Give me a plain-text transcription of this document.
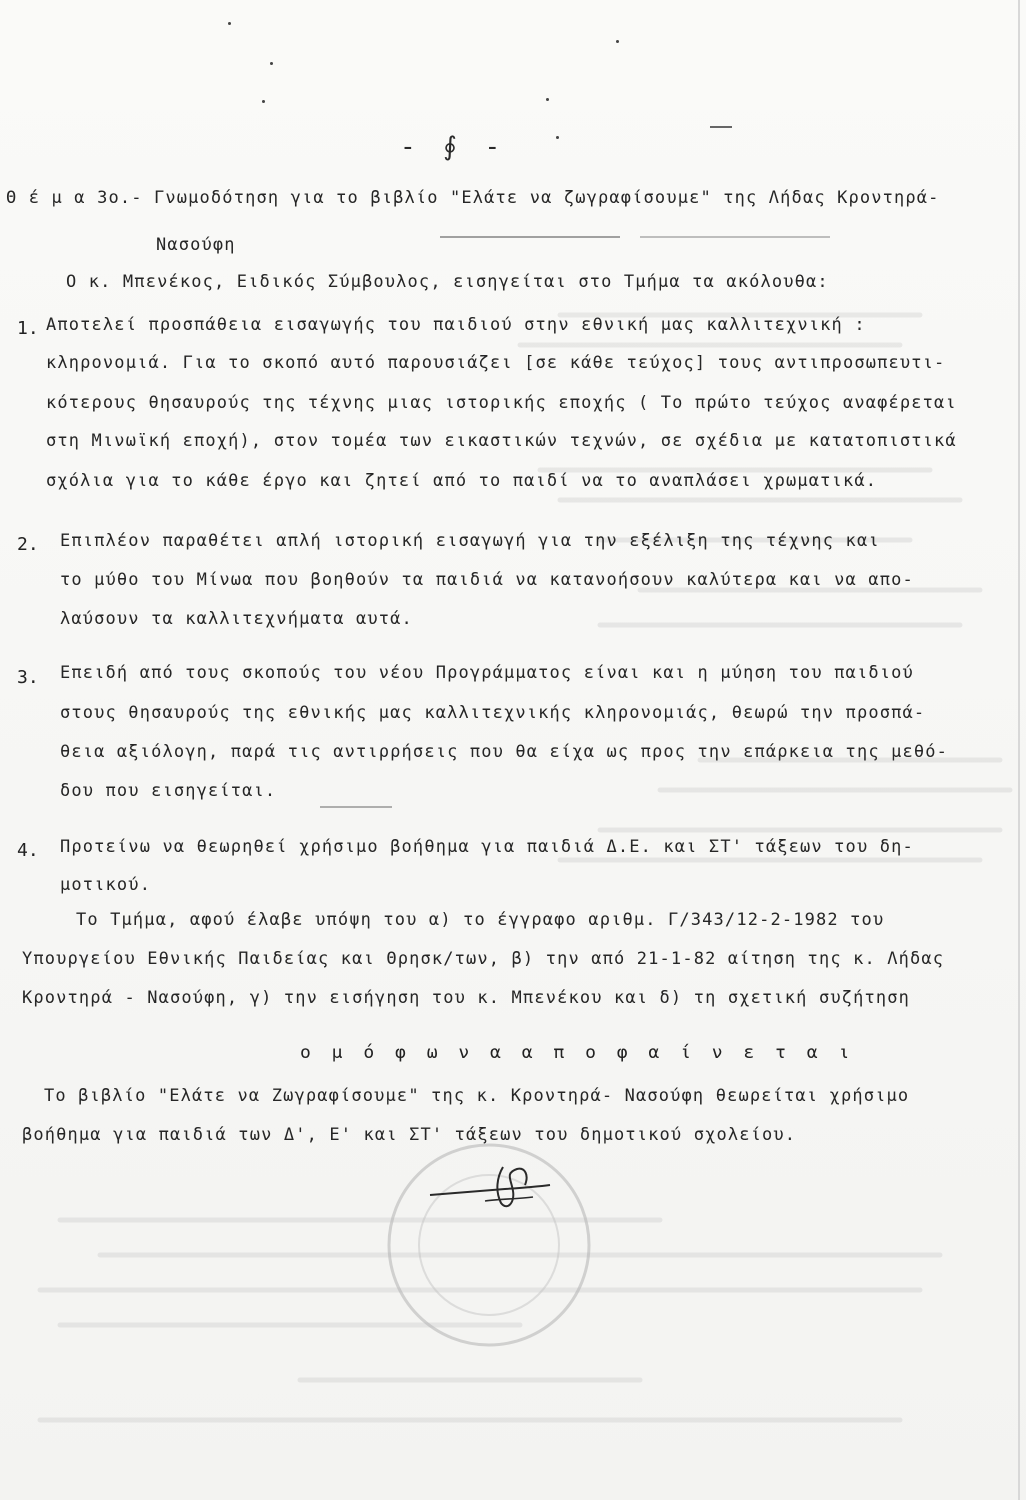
- ∮ -
Θ έ μ α 3ο.- Γνωμοδότηση για το βιβλίο "Ελάτε να ζωγραφίσουμε" της Λήδας Κροντηρά-
Νασούφη
Ο κ. Μπενέκος, Ειδικός Σύμβουλος, εισηγείται στο Τμήμα τα ακόλουθα:
1. Αποτελεί προσπάθεια εισαγωγής του παιδιού στην εθνική μας καλλιτεχνική :
κληρονομιά. Για το σκοπό αυτό παρουσιάζει [σε κάθε τεύχος] τους αντιπροσωπευτι-
κότερους θησαυρούς της τέχνης μιας ιστορικής εποχής ( Το πρώτο τεύχος αναφέρεται
στη Μινωϊκή εποχή), στον τομέα των εικαστικών τεχνών, σε σχέδια με κατατοπιστικά
σχόλια για το κάθε έργο και ζητεί από το παιδί να το αναπλάσει χρωματικά.
2. Επιπλέον παραθέτει απλή ιστορική εισαγωγή για την εξέλιξη της τέχνης και
το μύθο του Μίνωα που βοηθούν τα παιδιά να κατανοήσουν καλύτερα και να απο-
λαύσουν τα καλλιτεχνήματα αυτά.
3. Επειδή από τους σκοπούς του νέου Προγράμματος είναι και η μύηση του παιδιού
στους θησαυρούς της εθνικής μας καλλιτεχνικής κληρονομιάς, θεωρώ την προσπά-
θεια αξιόλογη, παρά τις αντιρρήσεις που θα είχα ως προς την επάρκεια της μεθό-
δου που εισηγείται.
4. Προτείνω να θεωρηθεί χρήσιμο βοήθημα για παιδιά Δ.Ε. και ΣΤ' τάξεων του δη-
μοτικού.
Το Τμήμα, αφού έλαβε υπόψη του α) το έγγραφο αριθμ. Γ/343/12-2-1982 του
Υπουργείου Εθνικής Παιδείας και Θρησκ/των, β) την από 21-1-82 αίτηση της κ. Λήδας
Κροντηρά - Νασούφη, γ) την εισήγηση του κ. Μπενέκου και δ) τη σχετική συζήτηση
ο μ ό φ ω ν α α π ο φ α ί ν ε τ α ι
Το βιβλίο "Ελάτε να Ζωγραφίσουμε" της κ. Κροντηρά- Νασούφη θεωρείται χρήσιμο
βοήθημα για παιδιά των Δ', Ε' και ΣΤ' τάξεων του δημοτικού σχολείου.
